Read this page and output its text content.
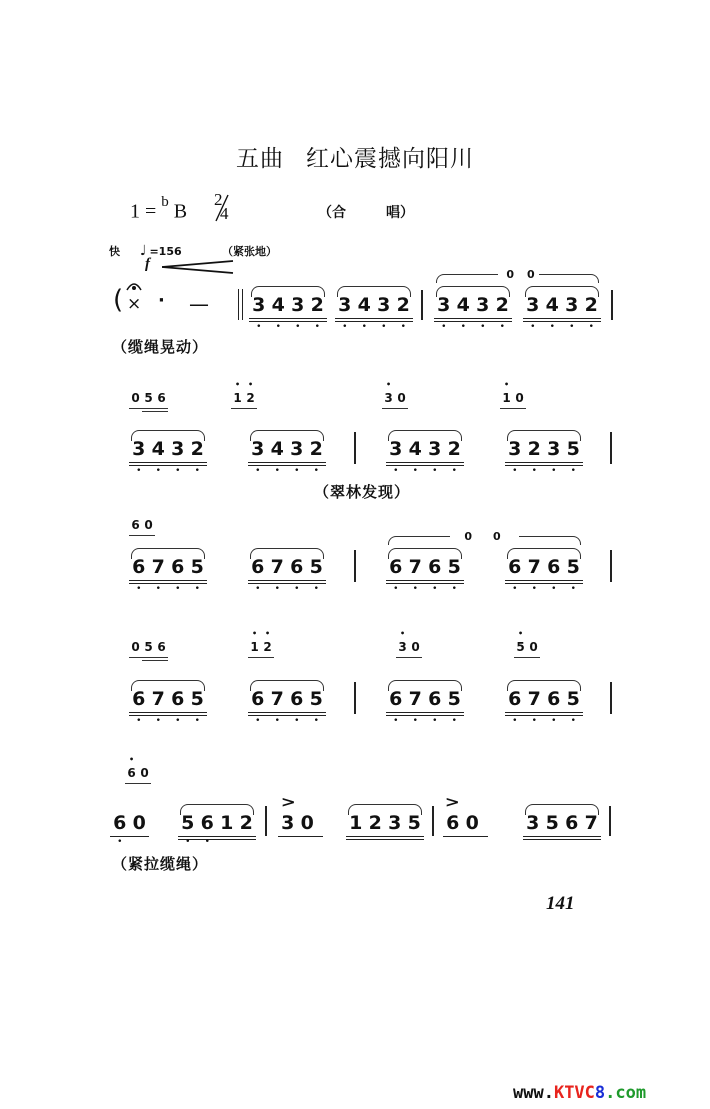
五曲 红心震撼向阳川
1 = $^b$ B
2
4	（合	唱）
快 ♩ =156	（紧张地）
f
( × · — 3 4 3 2
•	•	•	•
3 4 3 2
•	•	•	•
0
3 4 3 2
•	•	•	•
0
3 4 3 2
•	•	•	•
（缆绳晃动）
0 5 6	• 1 • 2	• 3 0	• 1 0
3 4 3 2
•	•	•	•
3 4 3 2
•	•	•	•
3 4 3 2
•	•	•	•
3 2 3 5
•	•	•	•
（翠林发现）
6 0
6 7 6 5
•	•	•	•
6 7 6 5
•	•	•	•
0
6 7 6 5
•	•	•	•
0
6 7 6 5
•	•	•	•
0 5 6	• 1 • 2	• 3 0	• 5 0
6 7 6 5
•	•	•	•
6 7 6 5
•	•	•	•
6 7 6 5
•	•	•	•
6 7 6 5
•	•	•	•
• 6 0
6 0
•
5 6 1 2
•	•
>
3 0 1 2 3 5
>
6 0 3 5 6 7
（紧拉缆绳）
141
www.KTVC8.com
